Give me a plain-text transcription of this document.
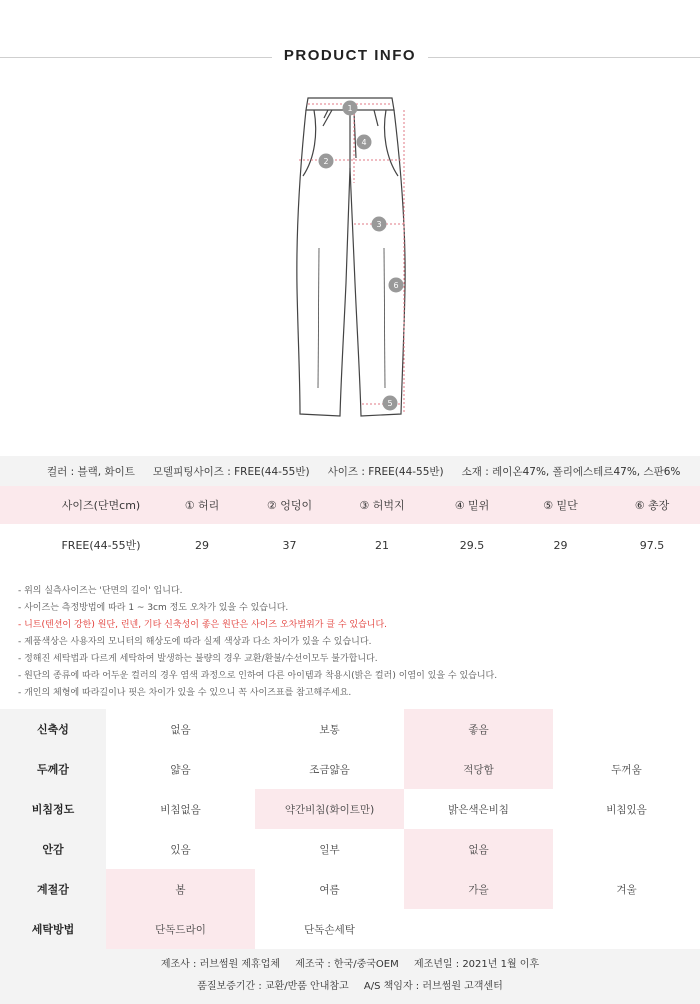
PRODUCT INFO
1
2
3
4
5
6
컬러 : 블랙, 화이트 모델피팅사이즈 : FREE(44-55반) 사이즈 : FREE(44-55반) 소재 : 레이온47%, 폴리에스테르47%, 스판6%
사이즈(단면cm)	① 허리	② 엉덩이	③ 허벅지	④ 밑위	⑤ 밑단	⑥ 총장
FREE(44-55반)	29	37	21	29.5	29	97.5
- 위의 실측사이즈는 '단면의 길이' 입니다.
- 사이즈는 측정방법에 따라 1 ~ 3cm 정도 오차가 있을 수 있습니다.
- 니트(텐션이 강한) 원단, 린넨, 기타 신축성이 좋은 원단은 사이즈 오차범위가 클 수 있습니다.
- 제품색상은 사용자의 모니터의 해상도에 따라 실제 색상과 다소 차이가 있을 수 있습니다.
- 정해진 세탁법과 다르게 세탁하여 발생하는 불량의 경우 교환/환불/수선이모두 불가합니다.
- 원단의 종류에 따라 어두운 컬러의 경우 염색 과정으로 인하여 다른 아이템과 착용시(밝은 컬러) 이염이 있을 수 있습니다.
- 개인의 체형에 따라길이나 핏은 차이가 있을 수 있으니 꼭 사이즈표를 참고해주세요.
신축성	없음	보통	좋음
두께감	얇음	조금얇음	적당함	두꺼움
비침정도	비침없음	약간비침(화이트만)	밝은색은비침	비침있음
안감	있음	일부	없음
계절감	봄	여름	가을	겨울
세탁방법	단독드라이	단독손세탁
제조사 : 러브썸원 제휴업체 제조국 : 한국/중국OEM 제조년일 : 2021년 1월 이후
품질보증기간 : 교환/반품 안내참고 A/S 책임자 : 러브썸원 고객센터
